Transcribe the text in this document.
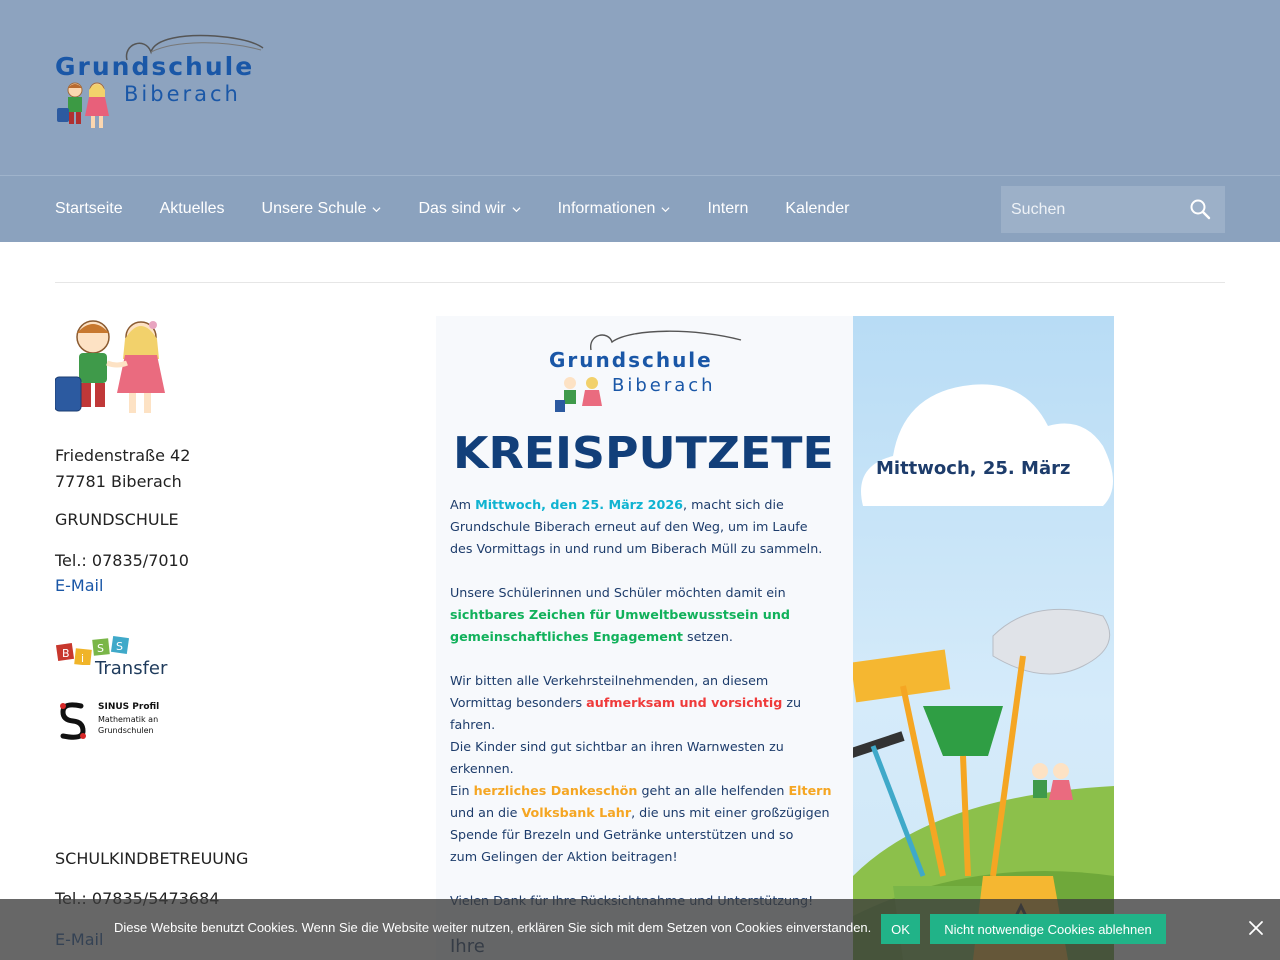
Grundschule
Biberach
Startseite Aktuelles Unsere Schule	Das sind wir	Informationen	Intern Kalender
Suchen
Friedenstraße 42
77781 Biberach
GRUNDSCHULE
Tel.: 07835/7010
E-Mail
B i
S S
Transfer
SINUS Profil
Mathematik an Grundschulen
SCHULKINDBETREUUNG
Grundschule
Biberach
KREISPUTZETE Mittwoch, 25. März

Am Mittwoch, den 25. März 2026, macht sich die

Grundschule Biberach erneut auf den Weg, um im Laufe

des Vormittags in und rund um Biberach Müll zu sammeln.

Unsere Schülerinnen und Schüler möchten damit ein

sichtbares Zeichen für Umweltbewusstsein und

gemeinschaftliches Engagement setzen.

Wir bitten alle Verkehrsteilnehmenden, an diesem

Vormittag besonders aufmerksam und vorsichtig zu

fahren.

Die Kinder sind gut sichtbar an ihren Warnwesten zu

erkennen.

Ein herzliches Dankeschön geht an alle helfenden Eltern

und an die Volksbank Lahr, die uns mit einer großzügigen

Spende für Brezeln und Getränke unterstützen und so

zum Gelingen der Aktion beitragen!

Diese Website benutzt Cookies. Wenn Sie die Website weiter nutzen, erklären Sie sich mit dem Setzen von Cookies einverstanden.	OK	Nicht notwendige Cookies ablehnen
